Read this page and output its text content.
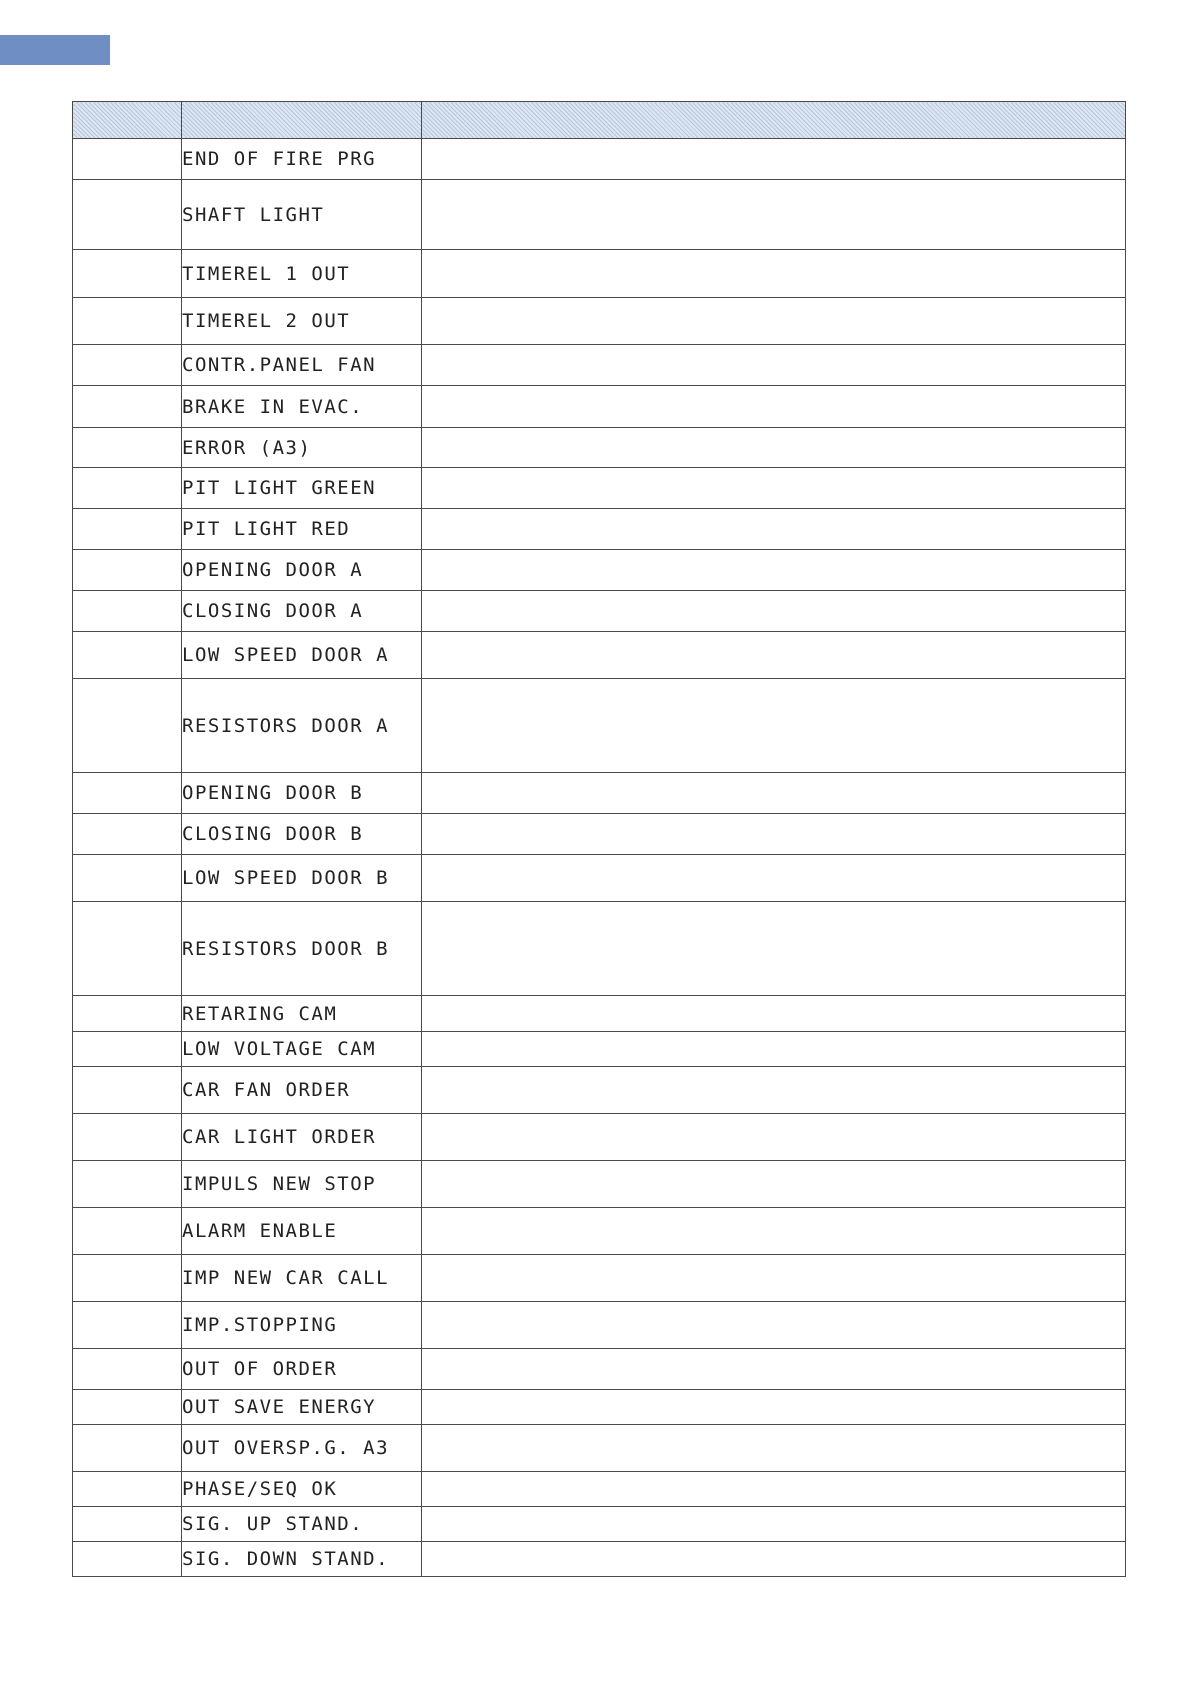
	END OF FIRE PRG	
	SHAFT LIGHT	
	TIMEREL 1 OUT	
	TIMEREL 2 OUT	
	CONTR.PANEL FAN	
	BRAKE IN EVAC.	
	ERROR (A3)	
	PIT LIGHT GREEN	
	PIT LIGHT RED	
	OPENING DOOR A	
	CLOSING DOOR A	
	LOW SPEED DOOR A	
	RESISTORS DOOR A	
	OPENING DOOR B	
	CLOSING DOOR B	
	LOW SPEED DOOR B	
	RESISTORS DOOR B	
	RETARING CAM	
	LOW VOLTAGE CAM	
	CAR FAN ORDER	
	CAR LIGHT ORDER	
	IMPULS NEW STOP	
	ALARM ENABLE	
	IMP NEW CAR CALL	
	IMP.STOPPING	
	OUT OF ORDER	
	OUT SAVE ENERGY	
	OUT OVERSP.G. A3	
	PHASE/SEQ OK	
	SIG. UP STAND.	
	SIG. DOWN STAND.	
